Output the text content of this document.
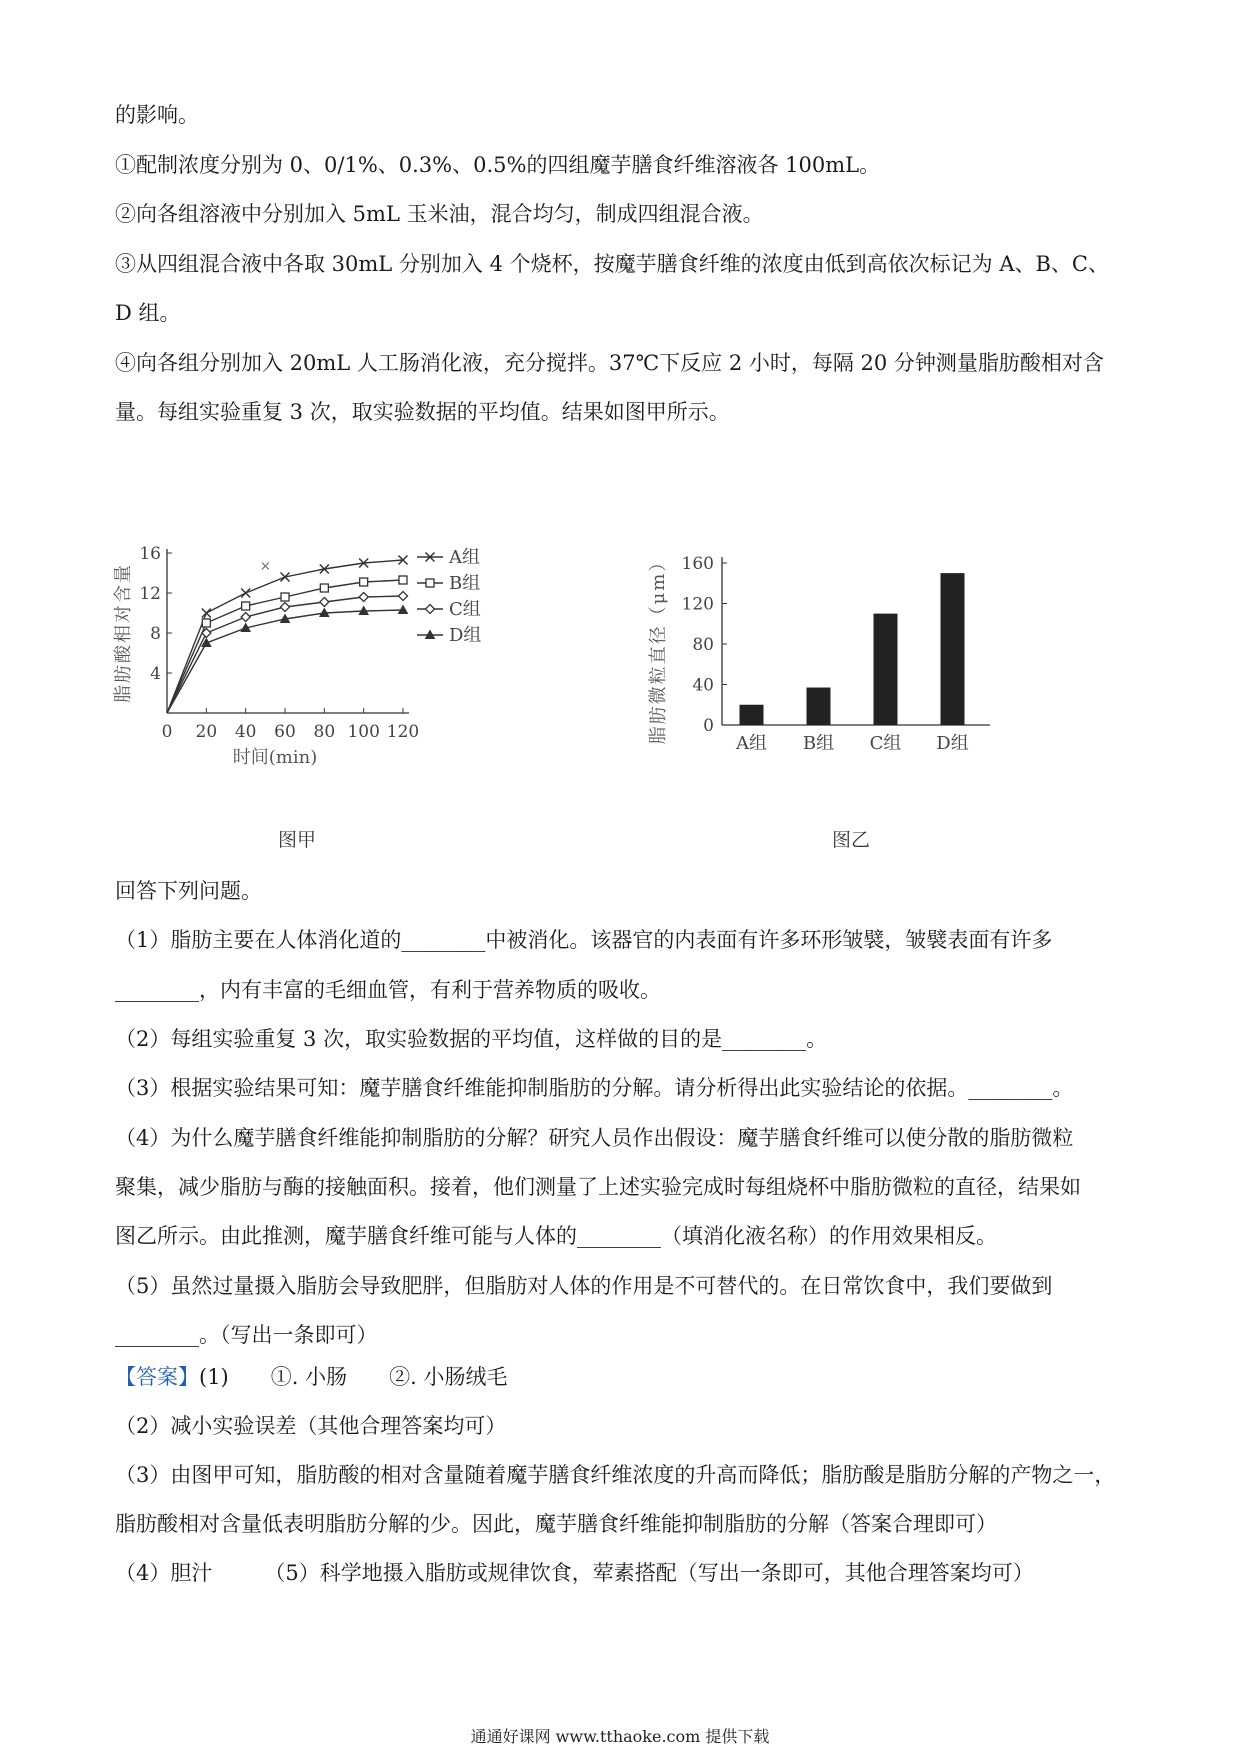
的影响。
①配制浓度分别为 0、0/1%、0.3%、0.5%的四组魔芋膳食纤维溶液各 100mL。
②向各组溶液中分别加入 5mL 玉米油，混合均匀，制成四组混合液。
③从四组混合液中各取 30mL 分别加入 4 个烧杯，按魔芋膳食纤维的浓度由低到高依次标记为 A、B、C、
D 组。
④向各组分别加入 20mL 人工肠消化液，充分搅拌。37℃下反应 2 小时，每隔 20 分钟测量脂肪酸相对含
量。每组实验重复 3 次，取实验数据的平均值。结果如图甲所示。
4
8
12
16
0 20 40 60 80 100 120
时间(min)
脂肪酸相对含量
A组
B组
C组
D组
图甲
0
40
80
120
160
脂肪微粒直径（μm）	A组 B组 C组 D组
图乙
回答下列问题。
（1）脂肪主要在人体消化道的________中被消化。该器官的内表面有许多环形皱襞，皱襞表面有许多
________，内有丰富的毛细血管，有利于营养物质的吸收。
（2）每组实验重复 3 次，取实验数据的平均值，这样做的目的是________。
（3）根据实验结果可知：魔芋膳食纤维能抑制脂肪的分解。请分析得出此实验结论的依据。________。
（4）为什么魔芋膳食纤维能抑制脂肪的分解？研究人员作出假设：魔芋膳食纤维可以使分散的脂肪微粒
聚集，减少脂肪与酶的接触面积。接着，他们测量了上述实验完成时每组烧杯中脂肪微粒的直径，结果如
图乙所示。由此推测，魔芋膳食纤维可能与人体的________（填消化液名称）的作用效果相反。
（5）虽然过量摄入脂肪会导致肥胖，但脂肪对人体的作用是不可替代的。在日常饮食中，我们要做到
________。（写出一条即可）
【答案】(1)　　①. 小肠　　②. 小肠绒毛
（2）减小实验误差（其他合理答案均可）
（3）由图甲可知，脂肪酸的相对含量随着魔芋膳食纤维浓度的升高而降低；脂肪酸是脂肪分解的产物之一，
脂肪酸相对含量低表明脂肪分解的少。因此，魔芋膳食纤维能抑制脂肪的分解（答案合理即可）
（4）胆汁 （5）科学地摄入脂肪或规律饮食，荤素搭配（写出一条即可，其他合理答案均可）
通通好课网 www.tthaoke.com 提供下载
